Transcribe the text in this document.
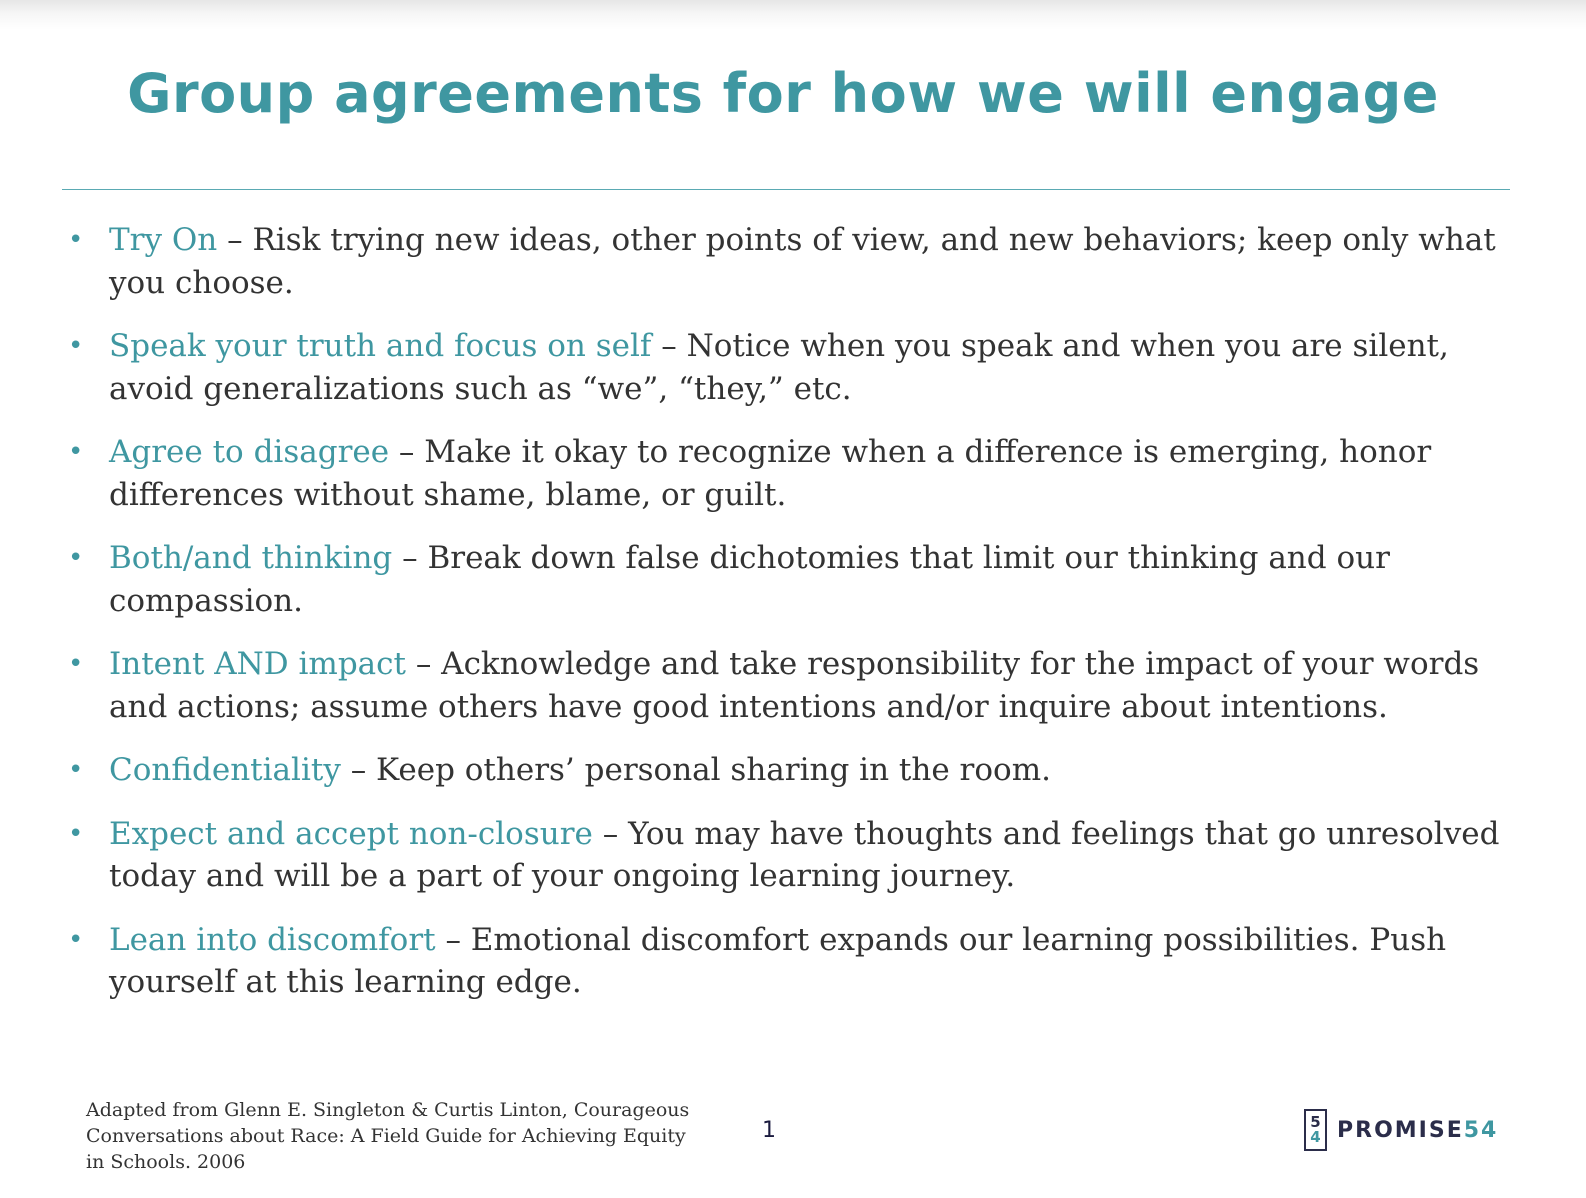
Group agreements for how we will engage
• Try On – Risk trying new ideas, other points of view, and new behaviors; keep only what you choose.
• Speak your truth and focus on self – Notice when you speak and when you are silent, avoid generalizations such as “we”, “they,” etc.
• Agree to disagree – Make it okay to recognize when a difference is emerging, honor differences without shame, blame, or guilt.
• Both/and thinking – Break down false dichotomies that limit our thinking and our compassion.
• Intent AND impact – Acknowledge and take responsibility for the impact of your words and actions; assume others have good intentions and/or inquire about intentions.
• Confidentiality – Keep others’ personal sharing in the room.
• Expect and accept non-closure – You may have thoughts and feelings that go unresolved today and will be a part of your ongoing learning journey.
• Lean into discomfort – Emotional discomfort expands our learning possibilities. Push yourself at this learning edge.
Adapted from Glenn E. Singleton & Curtis Linton, Courageous Conversations about Race: A Field Guide for Achieving Equity in Schools. 2006
1	5
4 PROMISE 54
